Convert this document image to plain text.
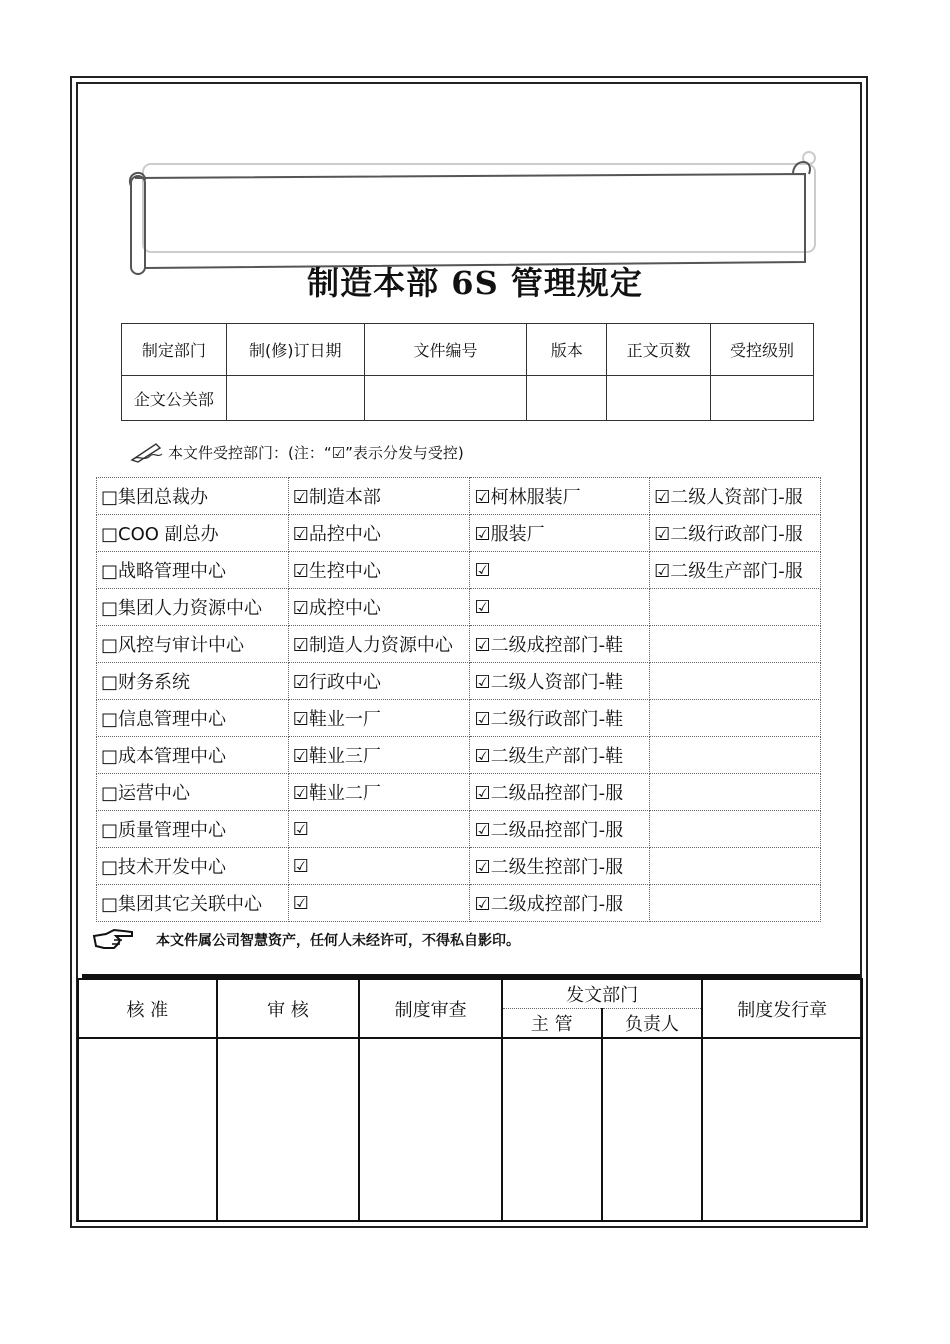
制造本部 6S 管理规定
制定部门	制(修)订日期	文件编号	版本	正文页数	受控级别
企文公关部					
本文件受控部门：(注：“☑”表示分发与受控)
□集团总裁办	☑制造本部	☑柯林服装厂	☑二级人资部门-服
□COO 副总办	☑品控中心	☑服装厂	☑二级行政部门-服
□战略管理中心	☑生控中心	☑	☑二级生产部门-服
□集团人力资源中心	☑成控中心	☑	
□风控与审计中心	☑制造人力资源中心	☑二级成控部门-鞋	
□财务系统	☑行政中心	☑二级人资部门-鞋	
□信息管理中心	☑鞋业一厂	☑二级行政部门-鞋	
□成本管理中心	☑鞋业三厂	☑二级生产部门-鞋	
□运营中心	☑鞋业二厂	☑二级品控部门-服	
□质量管理中心	☑	☑二级品控部门-服	
□技术开发中心	☑	☑二级生控部门-服	
□集团其它关联中心	☑	☑二级成控部门-服	
本文件属公司智慧资产，任何人未经许可，不得私自影印。
核 准	审 核	制度审查	发文部门		制度发行章
			主 管	负责人	
